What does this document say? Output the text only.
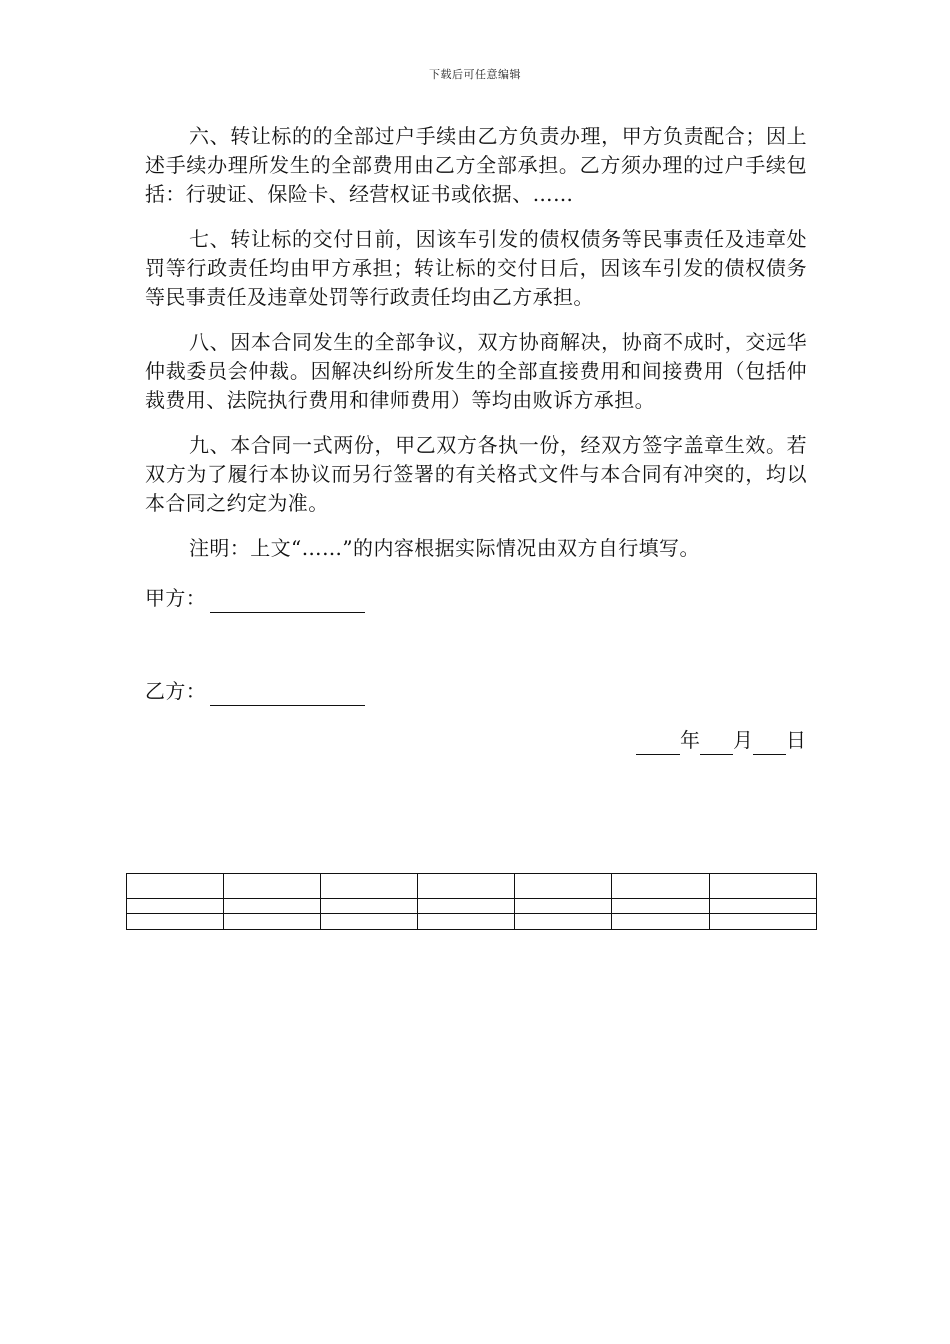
下载后可任意编辑

六、转让标的的全部过户手续由乙方负责办理，甲方负责配合；因上述手续办理所发生的全部费用由乙方全部承担。乙方须办理的过户手续包括：行驶证、保险卡、经营权证书或依据、……

七、转让标的交付日前，因该车引发的债权债务等民事责任及违章处罚等行政责任均由甲方承担；转让标的交付日后，因该车引发的债权债务等民事责任及违章处罚等行政责任均由乙方承担。

八、因本合同发生的全部争议，双方协商解决，协商不成时，交远华仲裁委员会仲裁。因解决纠纷所发生的全部直接费用和间接费用（包括仲裁费用、法院执行费用和律师费用）等均由败诉方承担。

九、本合同一式两份，甲乙双方各执一份，经双方签字盖章生效。若双方为了履行本协议而另行签署的有关格式文件与本合同有冲突的，均以本合同之约定为准。

注明：上文“……”的内容根据实际情况由双方自行填写。

甲方：
乙方：
年 月 日
